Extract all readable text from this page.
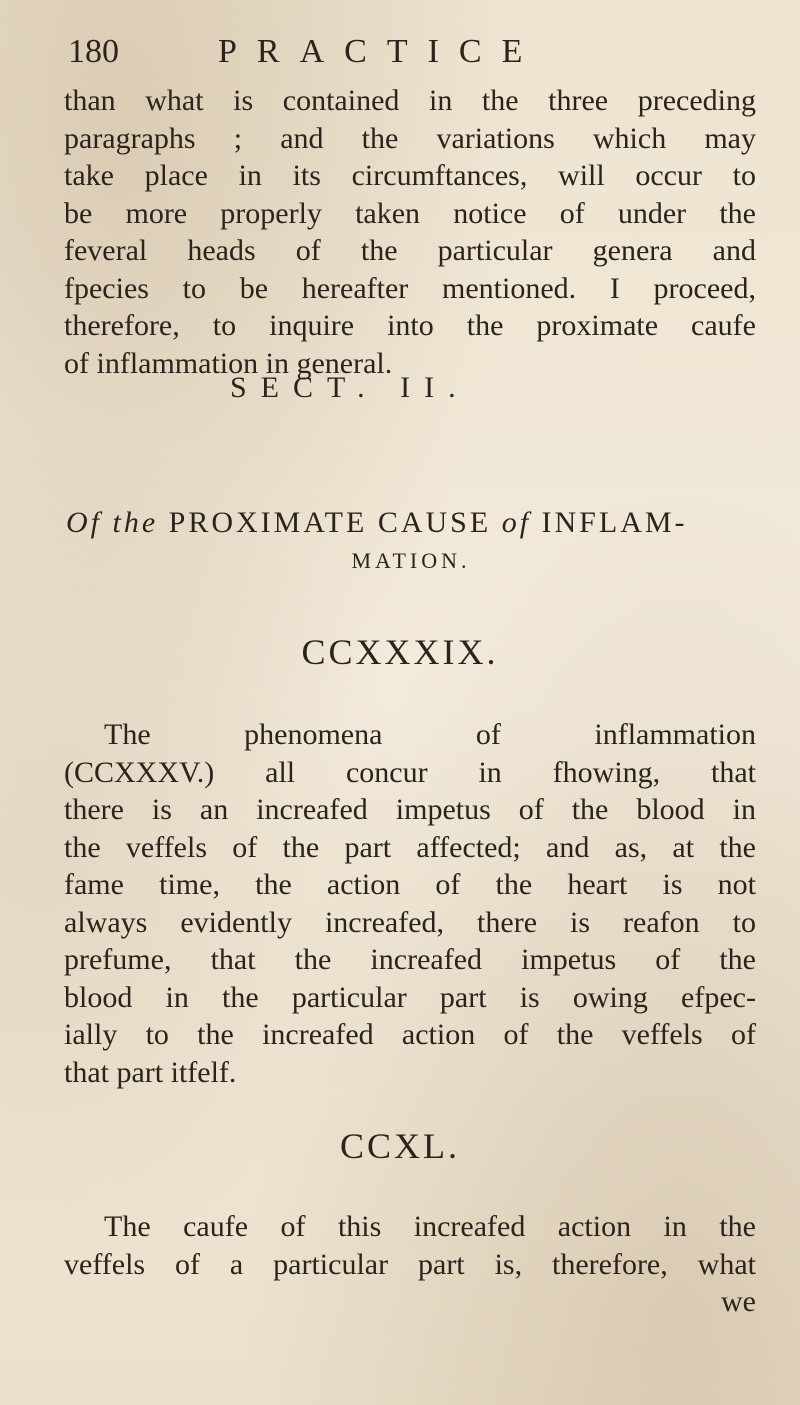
180	PRACTICE
than what is contained in the three preceding
paragraphs ; and the variations which may
take place in its circumftances, will occur to
be more properly taken notice of under the
feveral heads of the particular genera and
fpecies to be hereafter mentioned. I proceed,
therefore, to inquire into the proximate caufe
of inflammation in general.
SECT. II.
Of the PROXIMATE CAUSE of INFLAM-
MATION.
CCXXXIX.
The phenomena of inflammation
(CCXXXV.) all concur in fhowing, that
there is an increafed impetus of the blood in
the veffels of the part affected; and as, at the
fame time, the action of the heart is not
always evidently increafed, there is reafon to
prefume, that the increafed impetus of the
blood in the particular part is owing efpec-
ially to the increafed action of the veffels of
that part itfelf.
CCXL.
The caufe of this increafed action in the
veffels of a particular part is, therefore, what
we
